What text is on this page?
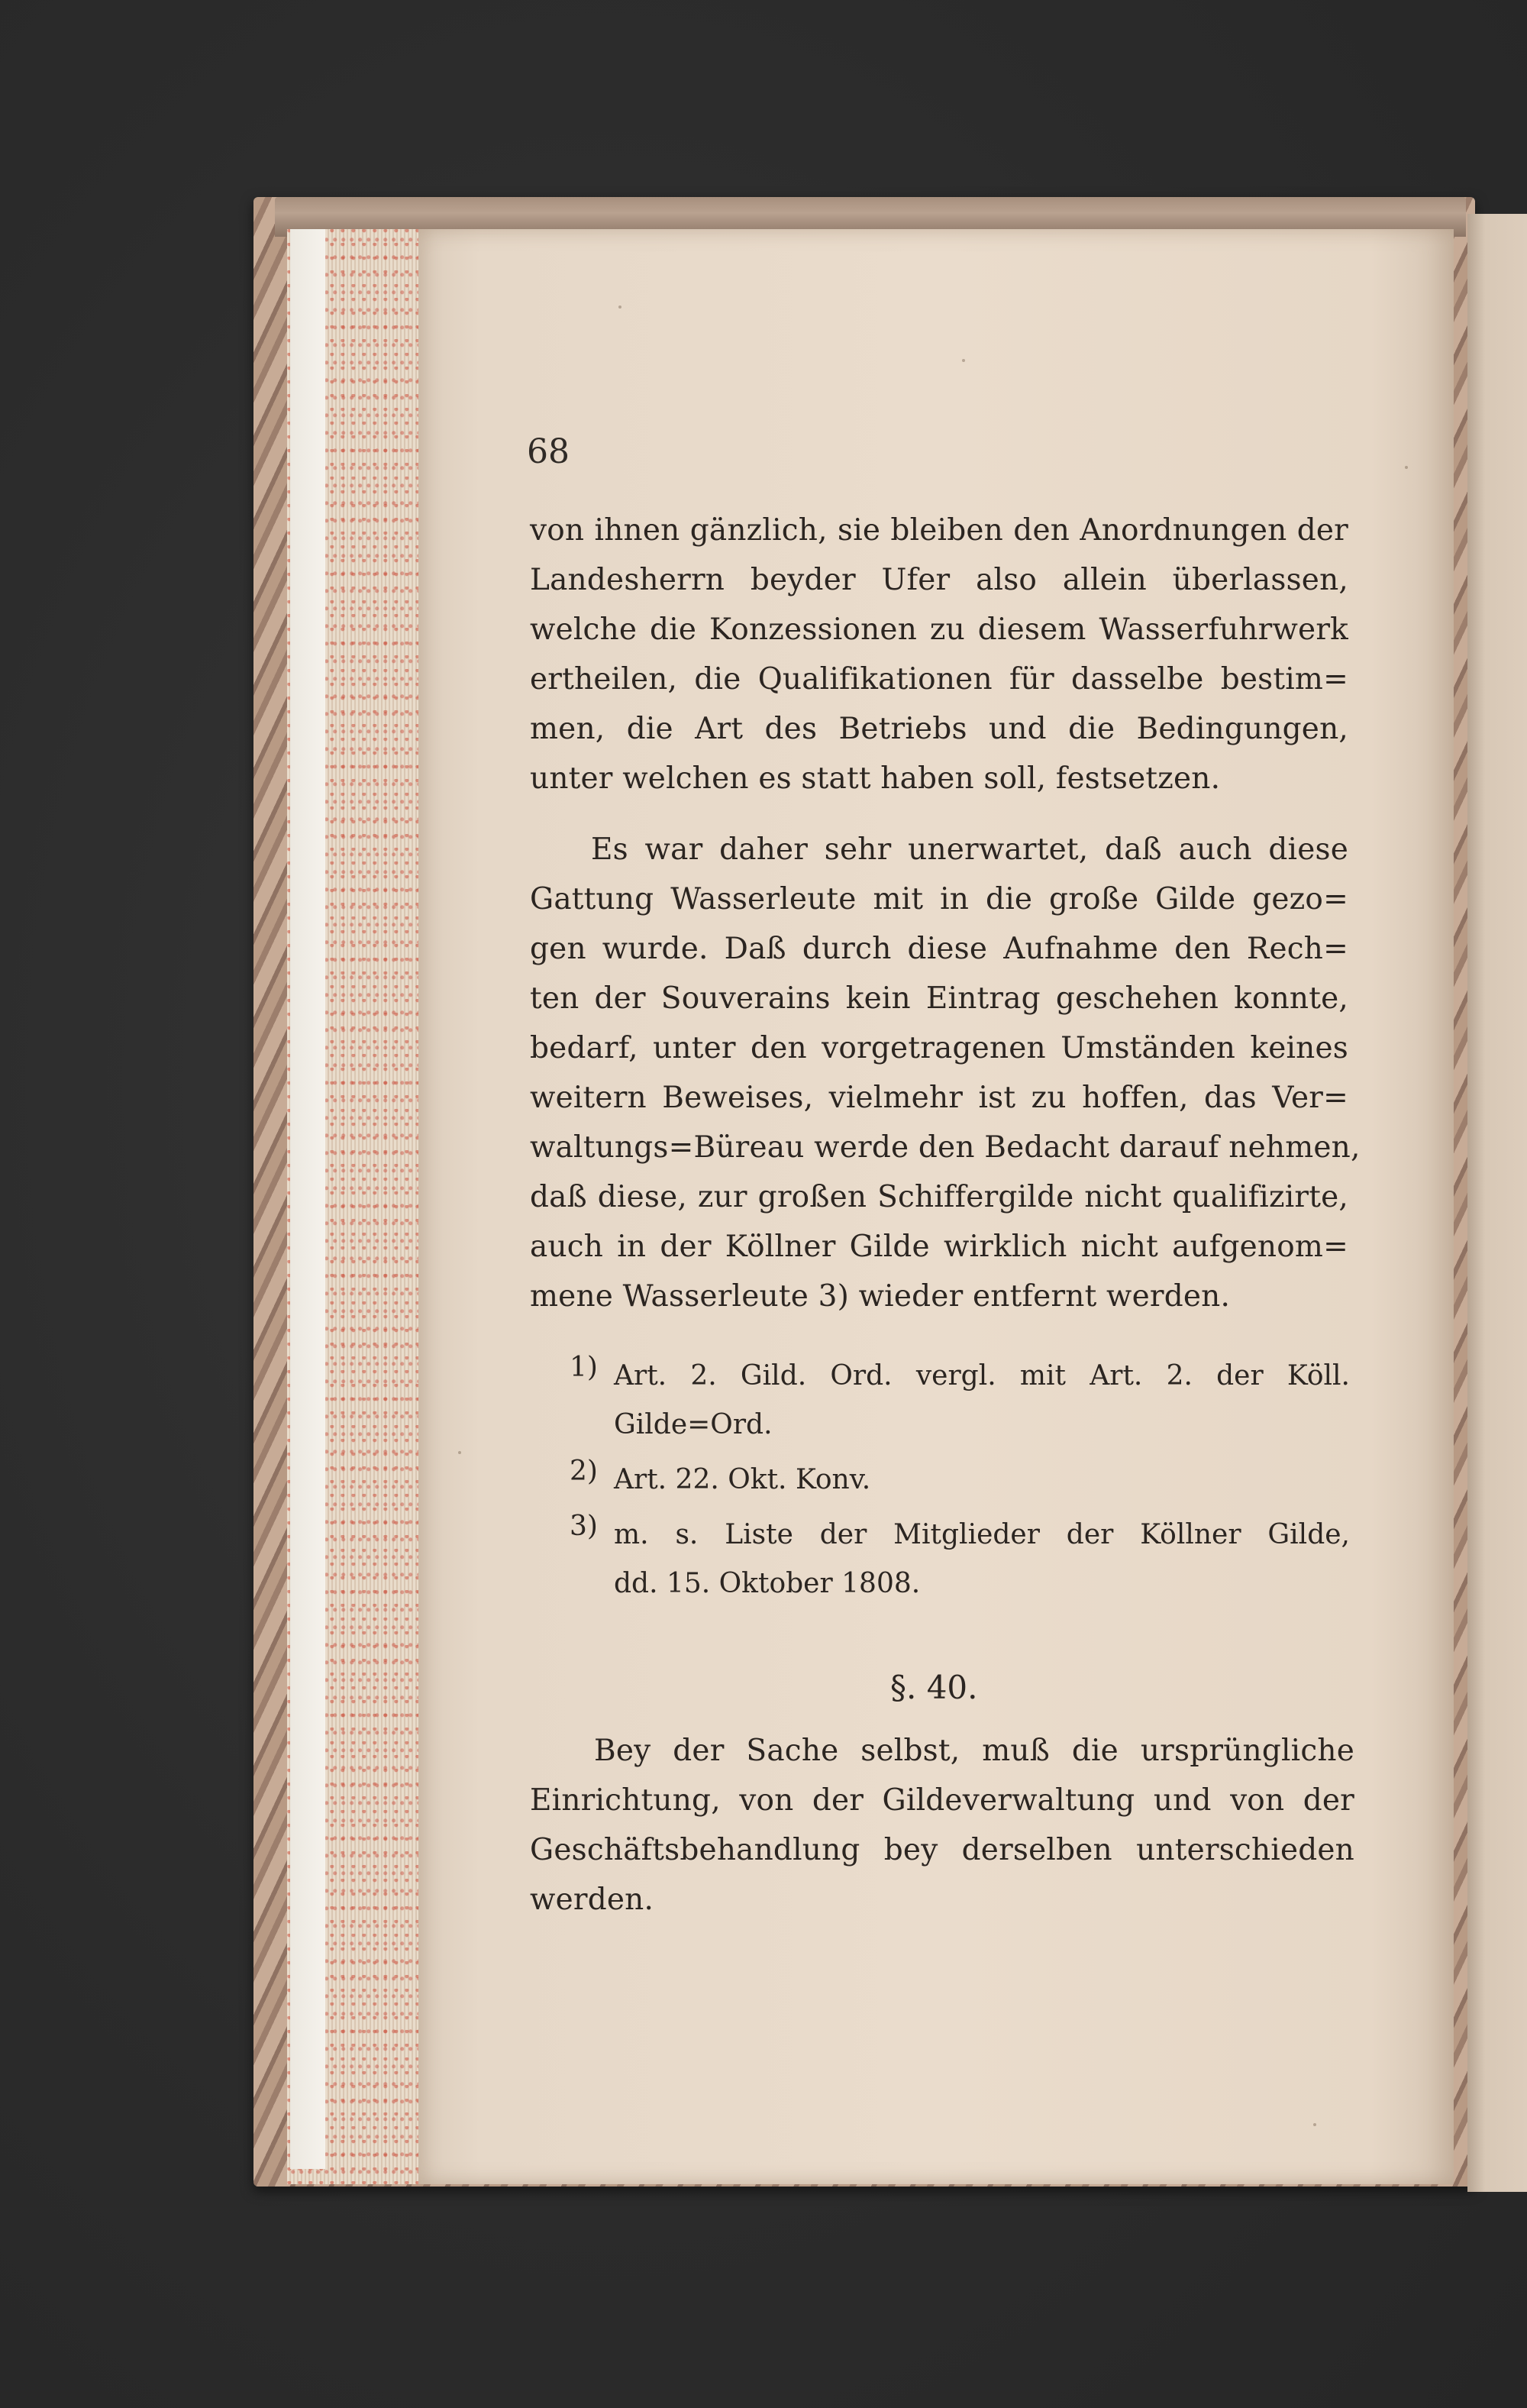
68
von ihnen gänzlich, sie bleiben den Anordnungen der
Landesherrn beyder Ufer also allein überlassen,
welche die Konzessionen zu diesem Wasserfuhrwerk
ertheilen, die Qualifikationen für dasselbe bestim=
men, die Art des Betriebs und die Bedingungen,
unter welchen es statt haben soll, festsetzen.
Es war daher sehr unerwartet, daß auch diese
Gattung Wasserleute mit in die große Gilde gezo=
gen wurde. Daß durch diese Aufnahme den Rech=
ten der Souverains kein Eintrag geschehen konnte,
bedarf, unter den vorgetragenen Umständen keines
weitern Beweises, vielmehr ist zu hoffen, das Ver=
waltungs=Büreau werde den Bedacht darauf nehmen,
daß diese, zur großen Schiffergilde nicht qualifizirte,
auch in der Köllner Gilde wirklich nicht aufgenom=
mene Wasserleute 3) wieder entfernt werden.
1) Art. 2. Gild. Ord. vergl. mit Art. 2. der Köll.
Gilde=Ord.
2) Art. 22. Okt. Konv.
3) m. s. Liste der Mitglieder der Köllner Gilde,
dd. 15. Oktober 1808.
§. 40.
Bey der Sache selbst, muß die ursprüngliche
Einrichtung, von der Gildeverwaltung und von der
Geschäftsbehandlung bey derselben unterschieden
werden.
